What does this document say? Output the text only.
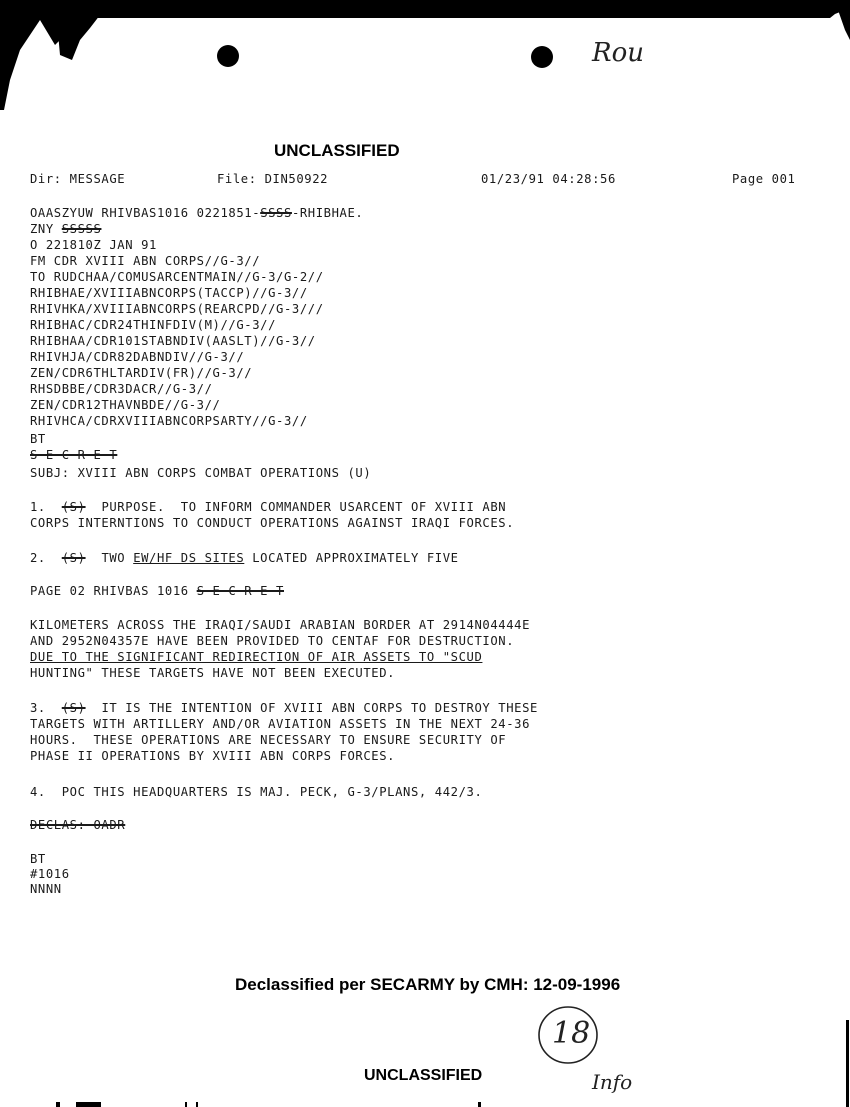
Rou
UNCLASSIFIED
Dir: MESSAGE	File: DIN50922	01/23/91 04:28:56	Page 001
OAASZYUW RHIVBAS1016 0221851-SSSS-RHIBHAE.
ZNY SSSSS
O 221810Z JAN 91
FM CDR XVIII ABN CORPS//G-3//
TO RUDCHAA/COMUSARCENTMAIN//G-3/G-2//
RHIBHAE/XVIIIABNCORPS(TACCP)//G-3//
RHIVHKA/XVIIIABNCORPS(REARCPD//G-3///
RHIBHAC/CDR24THINFDIV(M)//G-3//
RHIBHAA/CDR101STABNDIV(AASLT)//G-3//
RHIVHJA/CDR82DABNDIV//G-3//
ZEN/CDR6THLTARDIV(FR)//G-3//
RHSDBBE/CDR3DACR//G-3//
ZEN/CDR12THAVNBDE//G-3//
RHIVHCA/CDRXVIIIABNCORPSARTY//G-3//
BT
S E C R E T
SUBJ: XVIII ABN CORPS COMBAT OPERATIONS (U)
1. (S) PURPOSE.  TO INFORM COMMANDER USARCENT OF XVIII ABN
CORPS INTERNTIONS TO CONDUCT OPERATIONS AGAINST IRAQI FORCES.
2. (S) TWO EW/HF DS SITES LOCATED APPROXIMATELY FIVE
PAGE 02 RHIVBAS 1016 S E C R E T
KILOMETERS ACROSS THE IRAQI/SAUDI ARABIAN BORDER AT 2914N04444E
AND 2952N04357E HAVE BEEN PROVIDED TO CENTAF FOR DESTRUCTION.
DUE TO THE SIGNIFICANT REDIRECTION OF AIR ASSETS TO "SCUD
HUNTING" THESE TARGETS HAVE NOT BEEN EXECUTED.
3. (S) IT IS THE INTENTION OF XVIII ABN CORPS TO DESTROY THESE
TARGETS WITH ARTILLERY AND/OR AVIATION ASSETS IN THE NEXT 24-36
HOURS.  THESE OPERATIONS ARE NECESSARY TO ENSURE SECURITY OF
PHASE II OPERATIONS BY XVIII ABN CORPS FORCES.
4.  POC THIS HEADQUARTERS IS MAJ. PECK, G-3/PLANS, 442/3.
DECLAS: OADR
BT
#1016
NNNN
Declassified per SECARMY by CMH: 12-09-1996
18
Info
UNCLASSIFIED
